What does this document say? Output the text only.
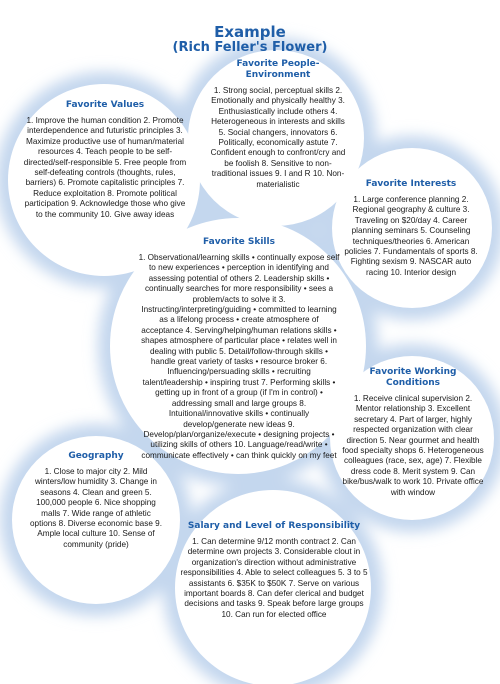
Example
(Rich Feller's Flower)
Favorite Values

1. Improve the human condition 2. Promote interdependence and futuristic principles 3. Maximize productive use of human/material resources 4. Teach people to be self-directed/self-responsible 5. Free people from self-defeating controls (thoughts, rules, barriers) 6. Promote capitalistic principles 7. Reduce exploitation 8. Promote political participation 9. Acknowledge those who give to the community 10. Give away ideas

Favorite People-Environment

1. Strong social, perceptual skills 2. Emotionally and physically healthy 3. Enthusiastically include others 4. Heterogeneous in interests and skills 5. Social changers, innovators 6. Politically, economically astute 7. Confident enough to confront/cry and be foolish 8. Sensitive to non-traditional issues 9. I and R 10. Non-materialistic	Favorite Interests

1. Large conference planning 2. Regional geography & culture 3. Traveling on $20/day 4. Career planning seminars 5. Counseling techniques/theories 6. American policies 7. Fundamentals of sports 8. Fighting sexism 9. NASCAR auto racing 10. Interior design

Favorite Skills

1. Observational/learning skills • continually expose self to new experiences • perception in identifying and assessing potential of others 2. Leadership skills • continually searches for more responsibility • sees a problem/acts to solve it 3. Instructing/interpreting/guiding • committed to learning as a lifelong process • create atmosphere of acceptance 4. Serving/helping/human relations skills • shapes atmosphere of particular place • relates well in dealing with public 5. Detail/follow-through skills • handle great variety of tasks • resource broker 6. Influencing/persuading skills • recruiting talent/leadership • inspiring trust 7. Performing skills • getting up in front of a group (if I'm in control) • addressing small and large groups 8. Intuitional/innovative skills • continually develop/generate new ideas 9. Develop/plan/organize/execute • designing projects • utilizing skills of others 10. Language/read/write • communicate effectively • can think quickly on my feet

Favorite Working Conditions

1. Receive clinical supervision 2. Mentor relationship 3. Excellent secretary 4. Part of larger, highly respected organization with clear direction 5. Near gourmet and health food specialty shops 6. Heterogeneous colleagues (race, sex, age) 7. Flexible dress code 8. Merit system 9. Can bike/bus/walk to work 10. Private office with window

Geography

1. Close to major city 2. Mild winters/low humidity 3. Change in seasons 4. Clean and green 5. 100,000 people 6. Nice shopping malls 7. Wide range of athletic options 8. Diverse economic base 9. Ample local culture 10. Sense of community (pride)

Salary and Level of Responsibility

1. Can determine 9/12 month contract 2. Can determine own projects 3. Considerable clout in organization's direction without administrative responsibilities 4. Able to select colleagues 5. 3 to 5 assistants 6. $35K to $50K 7. Serve on various important boards 8. Can defer clerical and budget decisions and tasks 9. Speak before large groups 10. Can run for elected office
